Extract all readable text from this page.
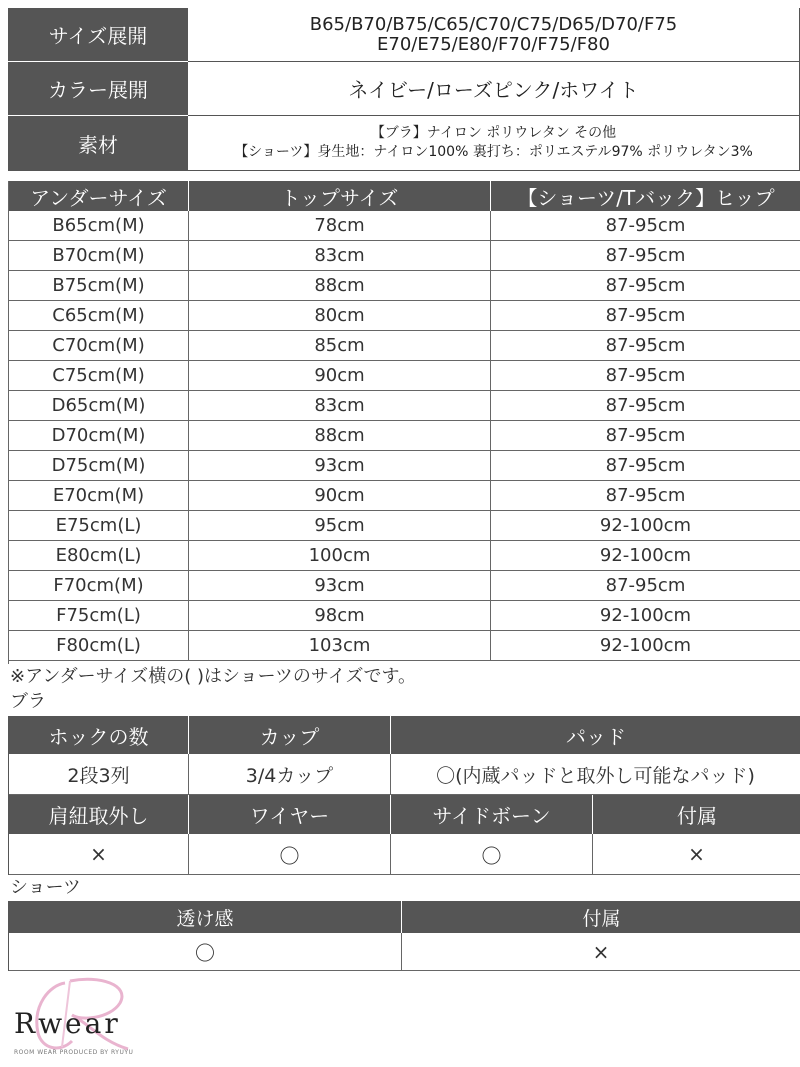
サイズ展開	B65/B70/B75/C65/C70/C75/D65/D70/F75
E70/E75/E80/F70/F75/F80
カラー展開	ネイビー/ローズピンク/ホワイト
素材	【ブラ】ナイロン ポリウレタン その他
【ショーツ】身生地：ナイロン100% 裏打ち：ポリエステル97% ポリウレタン3%
アンダーサイズ	トップサイズ	【ショーツ/Tバック】ヒップ
B65cm(M)	78cm	87-95cm
B70cm(M)	83cm	87-95cm
B75cm(M)	88cm	87-95cm
C65cm(M)	80cm	87-95cm
C70cm(M)	85cm	87-95cm
C75cm(M)	90cm	87-95cm
D65cm(M)	83cm	87-95cm
D70cm(M)	88cm	87-95cm
D75cm(M)	93cm	87-95cm
E70cm(M)	90cm	87-95cm
E75cm(L)	95cm	92-100cm
E80cm(L)	100cm	92-100cm
F70cm(M)	93cm	87-95cm
F75cm(L)	98cm	92-100cm
F80cm(L)	103cm	92-100cm
※アンダーサイズ横の( )はショーツのサイズです。
ブラ
ホックの数	カップ	パッド
2段3列	3/4カップ	〇(内蔵パッドと取外し可能なパッド)
肩紐取外し	ワイヤー	サイドボーン	付属
×	〇	〇	×
ショーツ
透け感	付属
〇	×
Rwear
ROOM WEAR PRODUCED BY RYUYU
